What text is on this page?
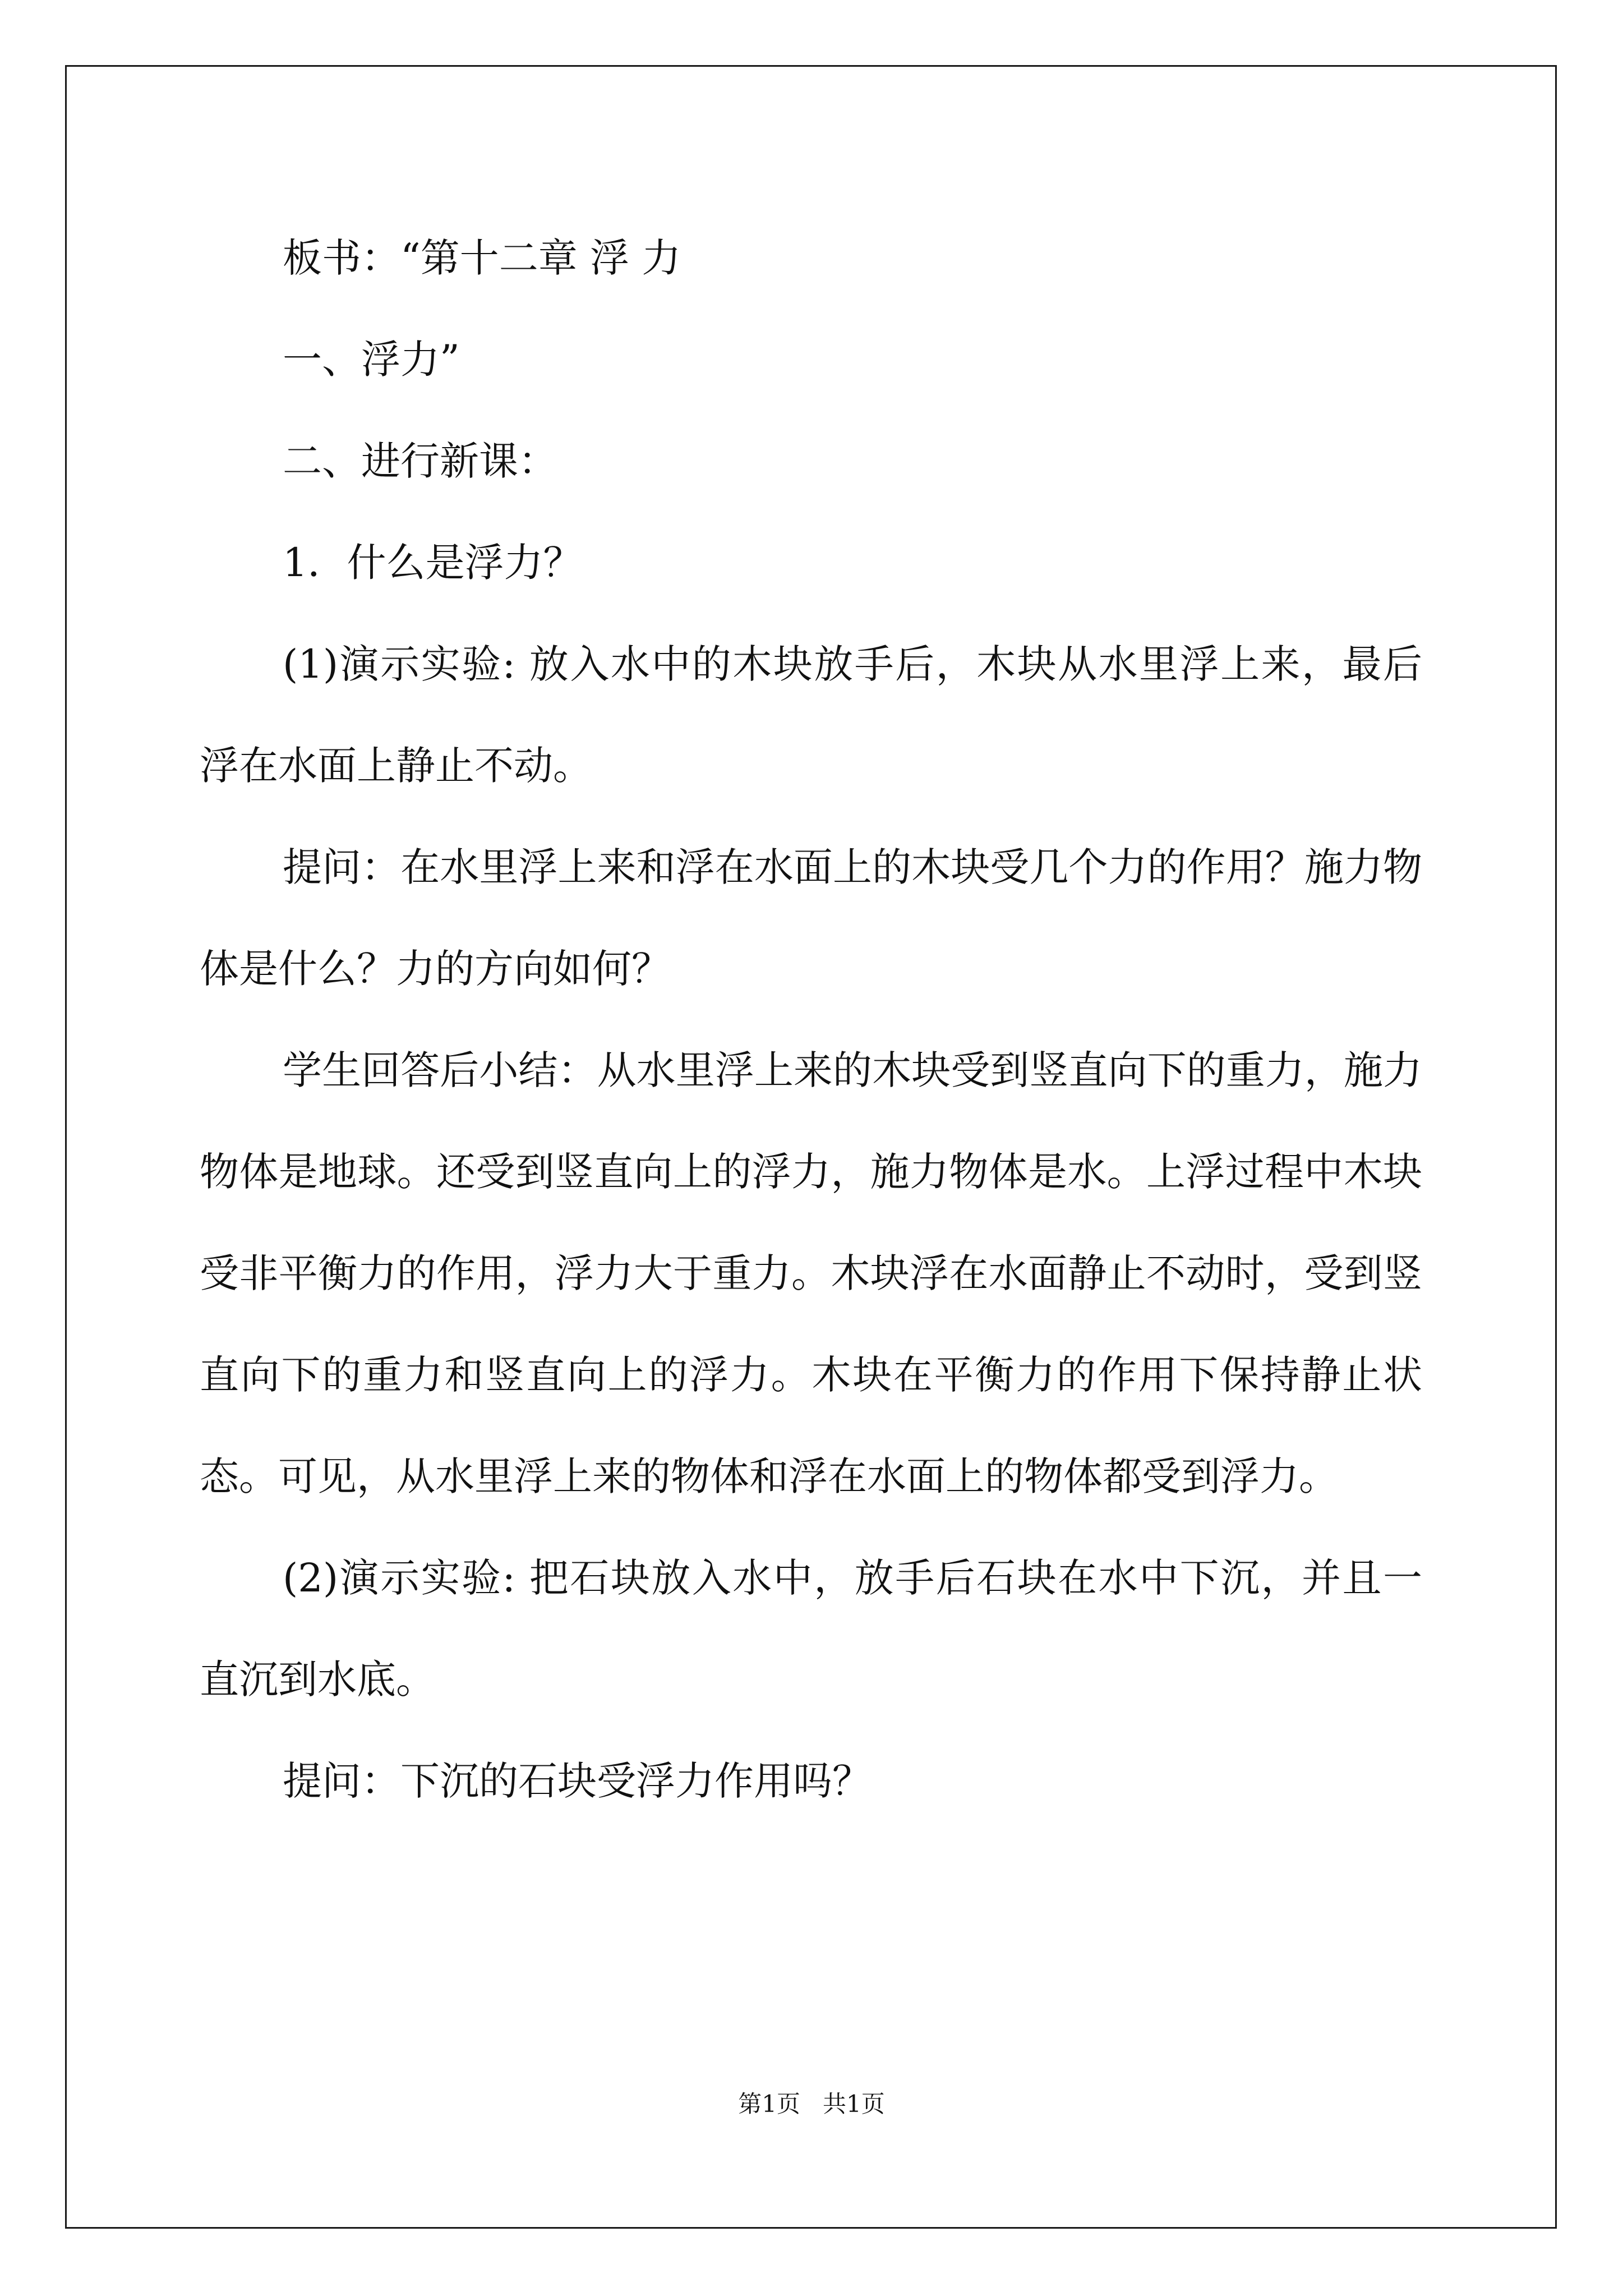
板书：“第十二章 浮 力

一、浮力”

二、进行新课：

1．什么是浮力？

(1)演示实验: 放入水中的木块放手后，木块从水里浮上来，最后浮在水面上静止不动。

提问：在水里浮上来和浮在水面上的木块受几个力的作用？施力物体是什么？力的方向如何？

学生回答后小结：从水里浮上来的木块受到竖直向下的重力，施力物体是地球。还受到竖直向上的浮力，施力物体是水。上浮过程中木块受非平衡力的作用，浮力大于重力。木块浮在水面静止不动时，受到竖直向下的重力和竖直向上的浮力。木块在平衡力的作用下保持静止状态。可见，从水里浮上来的物体和浮在水面上的物体都受到浮力。

(2)演示实验: 把石块放入水中，放手后石块在水中下沉，并且一直沉到水底。

提问：下沉的石块受浮力作用吗？

第1页 共1页
